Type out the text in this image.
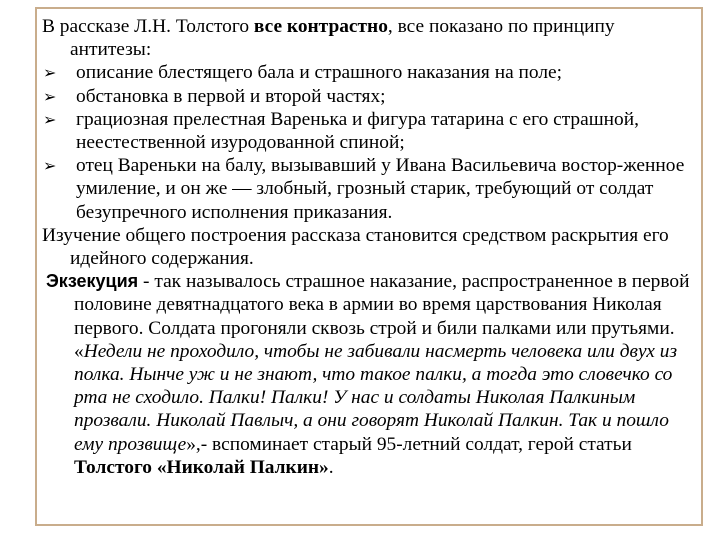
В рассказе Л.Н. Толстого все контрастно, все показано по принципу антитезы:

➢ описание блестящего бала и страшного наказания на поле;
➢ обстановка в первой и второй частях;
➢ грациозная прелестная Варенька и фигура татарина с его страшной, неестественной изуродованной спиной;
➢ отец Вареньки на балу, вызывавший у Ивана Васильевича востор-женное умиление, и он же — злобный, грозный старик, требующий от солдат безупречного исполнения приказания.

Изучение общего построения рассказа становится средством раскрытия его идейного содержания.

Экзекуция - так называлось страшное наказание, распространенное в первой половине девятнадцатого века в армии во время царствования Николая первого. Солдата прогоняли сквозь строй и били палками или прутьями. «Недели не проходило, чтобы не забивали насмерть человека или двух из полка. Нынче уж и не знают, что такое палки, а тогда это словечко со рта не сходило. Палки! Палки! У нас и солдаты Николая Палкиным прозвали. Николай Павлыч, а они говорят Николай Палкин. Так и пошло ему прозвище»,- вспоминает старый 95-летний солдат, герой статьи Толстого «Николай Палкин».
